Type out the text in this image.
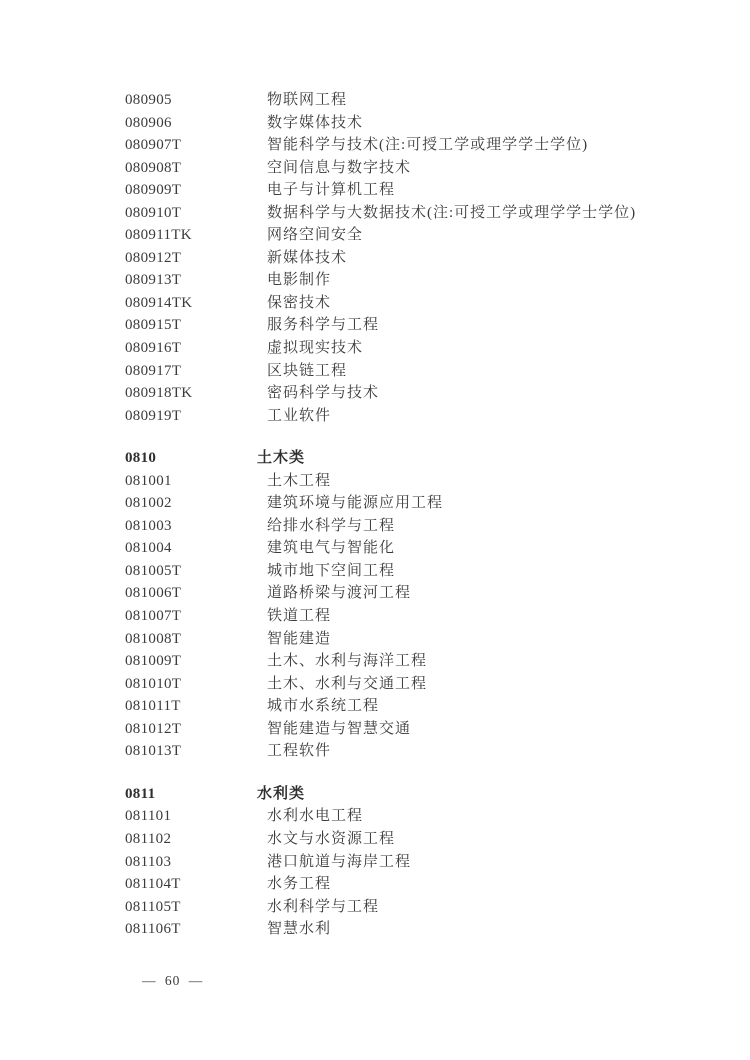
080905	物联网工程
080906	数字媒体技术
080907T	智能科学与技术(注:可授工学或理学学士学位)
080908T	空间信息与数字技术
080909T	电子与计算机工程
080910T	数据科学与大数据技术(注:可授工学或理学学士学位)
080911TK	网络空间安全
080912T	新媒体技术
080913T	电影制作
080914TK	保密技术
080915T	服务科学与工程
080916T	虚拟现实技术
080917T	区块链工程
080918TK	密码科学与技术
080919T	工业软件
0810	土木类
081001	土木工程
081002	建筑环境与能源应用工程
081003	给排水科学与工程
081004	建筑电气与智能化
081005T	城市地下空间工程
081006T	道路桥梁与渡河工程
081007T	铁道工程
081008T	智能建造
081009T	土木、水利与海洋工程
081010T	土木、水利与交通工程
081011T	城市水系统工程
081012T	智能建造与智慧交通
081013T	工程软件
0811	水利类
081101	水利水电工程
081102	水文与水资源工程
081103	港口航道与海岸工程
081104T	水务工程
081105T	水利科学与工程
081106T	智慧水利
— 60 —
